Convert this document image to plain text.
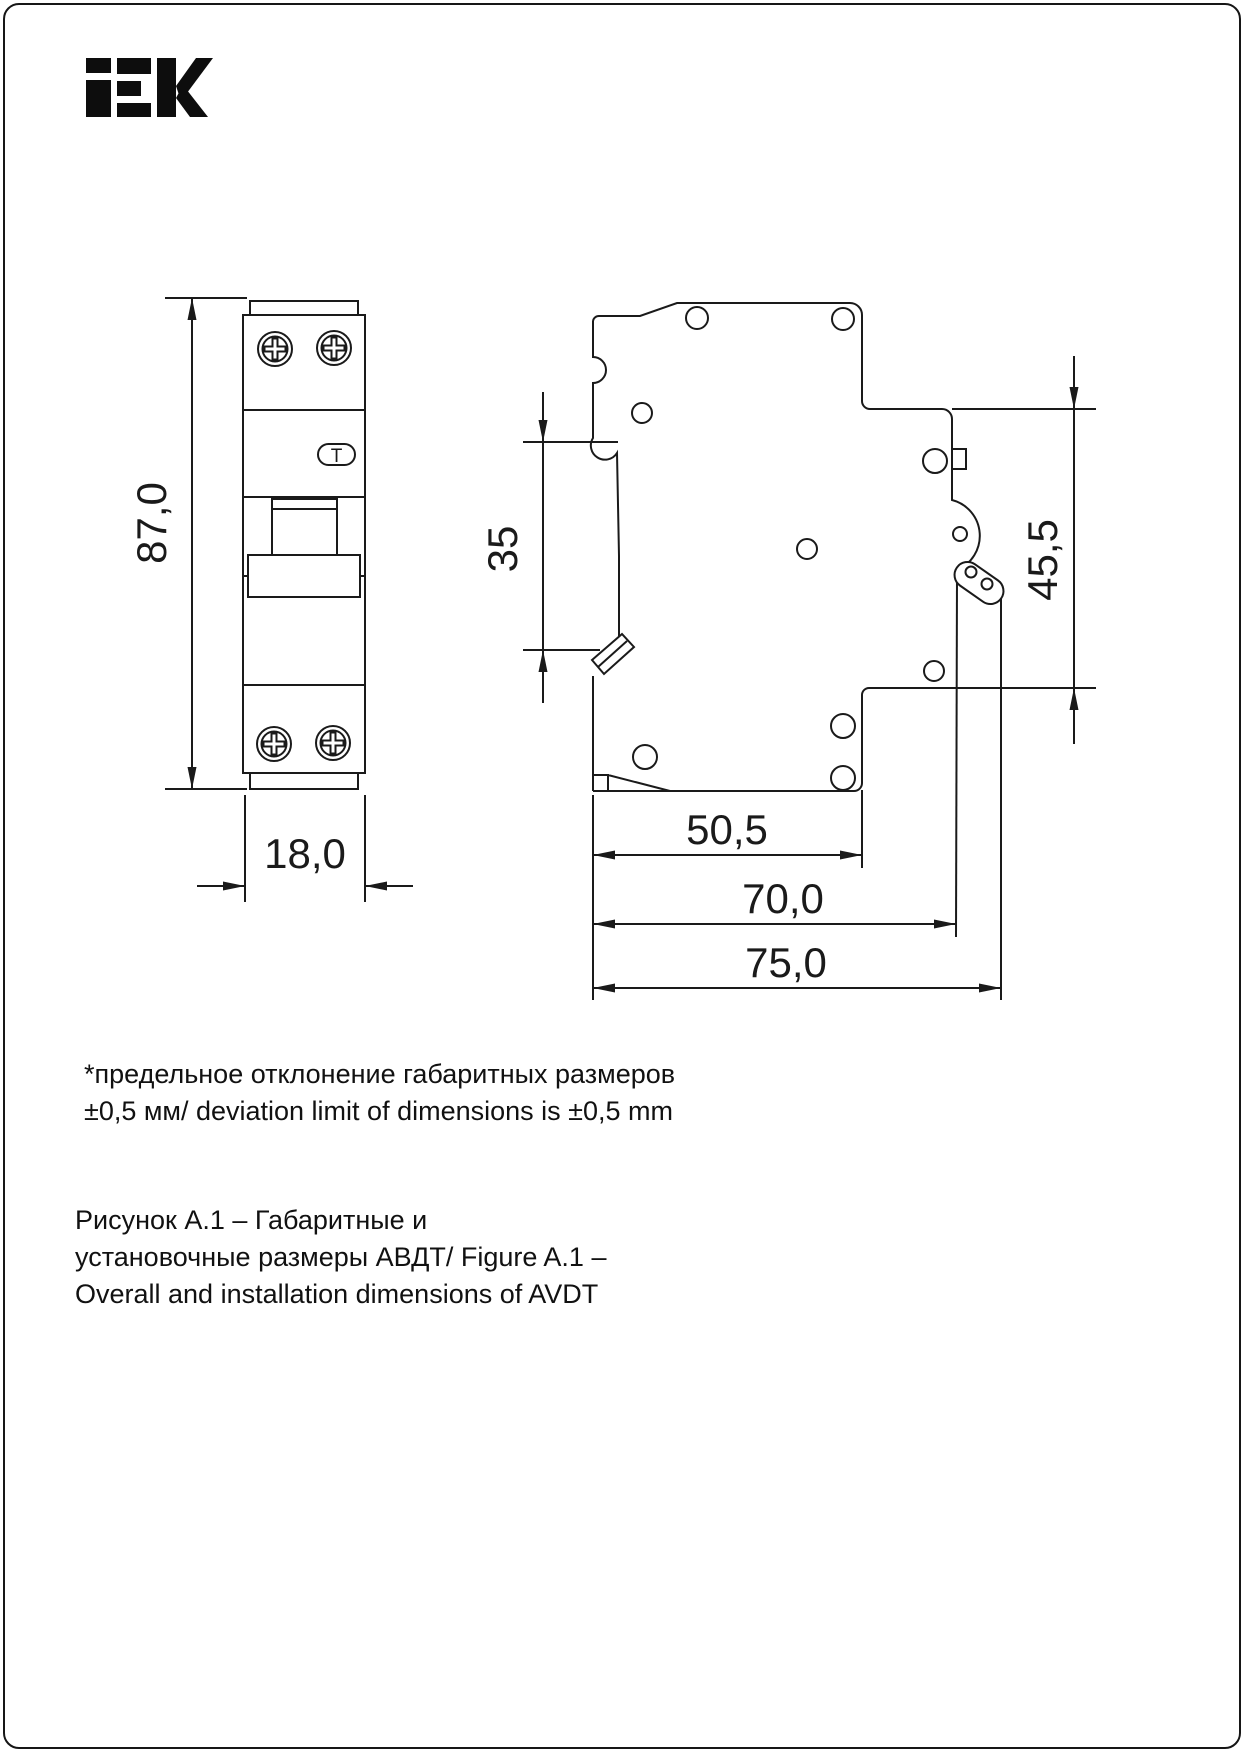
T
87,0
18,0
35	45,5
50,5
70,0
75,0
*предельное отклонение габаритных размеров
±0,5 мм/ deviation limit of dimensions is ±0,5 mm
Рисунок А.1 – Габаритные и
установочные размеры АВДТ/ Figure A.1 –
Overall and installation dimensions of AVDT
